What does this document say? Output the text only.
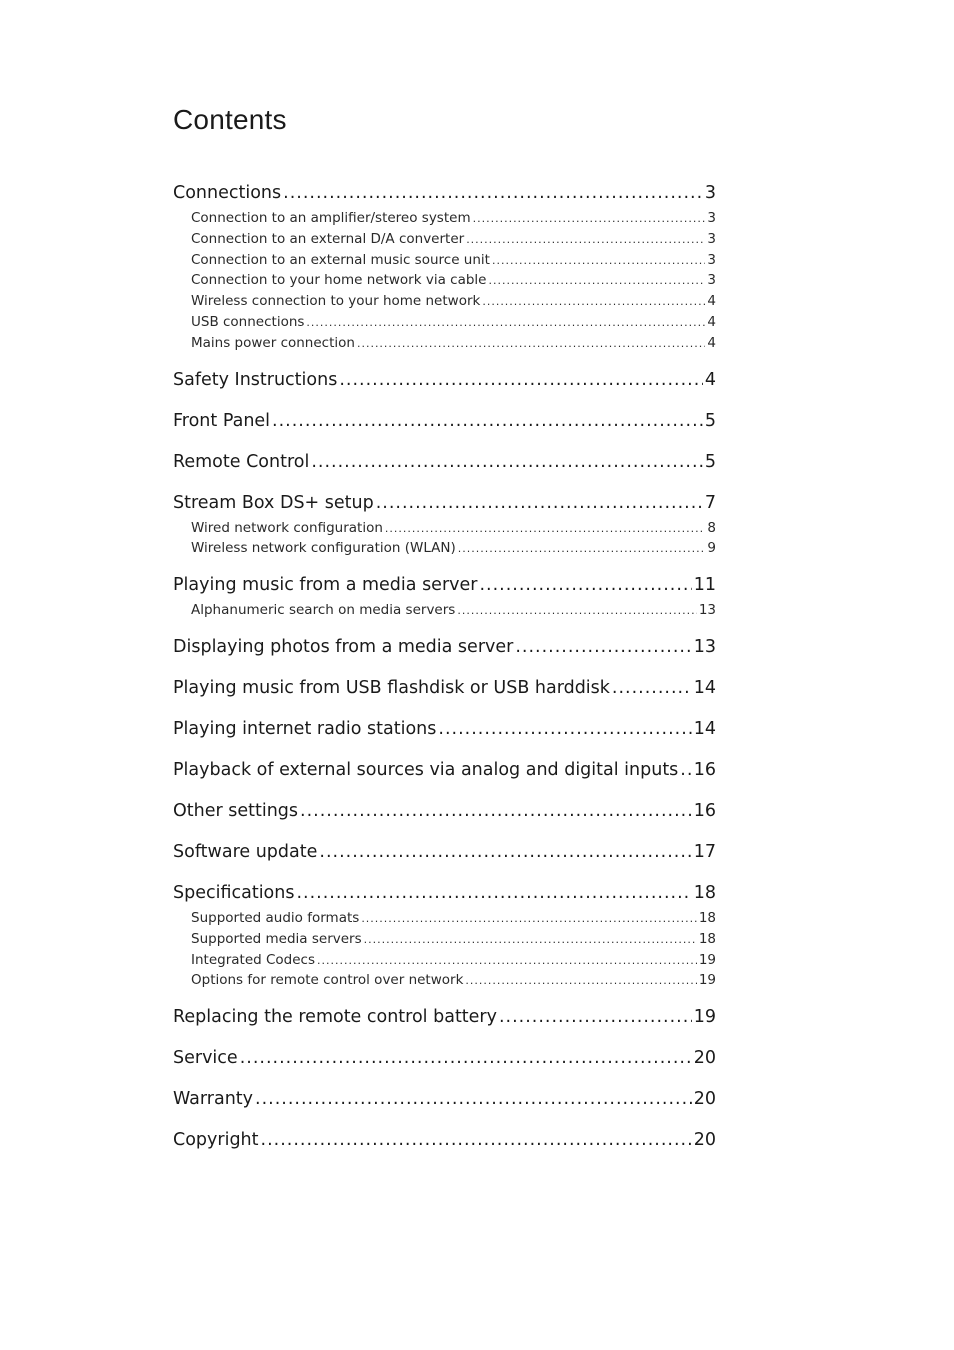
Contents
Connections .....	3
Connection to an amplifier/stereo system .....	3
Connection to an external D/A converter .....	3
Connection to an external music source unit .....	3
Connection to your home network via cable .....	3
Wireless connection to your home network .....	4
USB connections .....	4
Mains power connection .....	4
Safety Instructions .....	4
Front Panel .....	5
Remote Control .....	5
Stream Box DS+ setup .....	7
Wired network configuration .....	8
Wireless network configuration (WLAN) .....	9
Playing music from a media server .....	11
Alphanumeric search on media servers .....	13
Displaying photos from a media server .....	13
Playing music from USB flashdisk or USB harddisk .....	14
Playing internet radio stations .....	14
Playback of external sources via analog and digital inputs ..... 16
Other settings .....	16
Software update .....	17
Specifications .....	18
Supported audio formats .....	18
Supported media servers .....	18
Integrated Codecs .....	19
Options for remote control over network .....	19
Replacing the remote control battery .....	19
Service .....	20
Warranty .....	20
Copyright .....	20
